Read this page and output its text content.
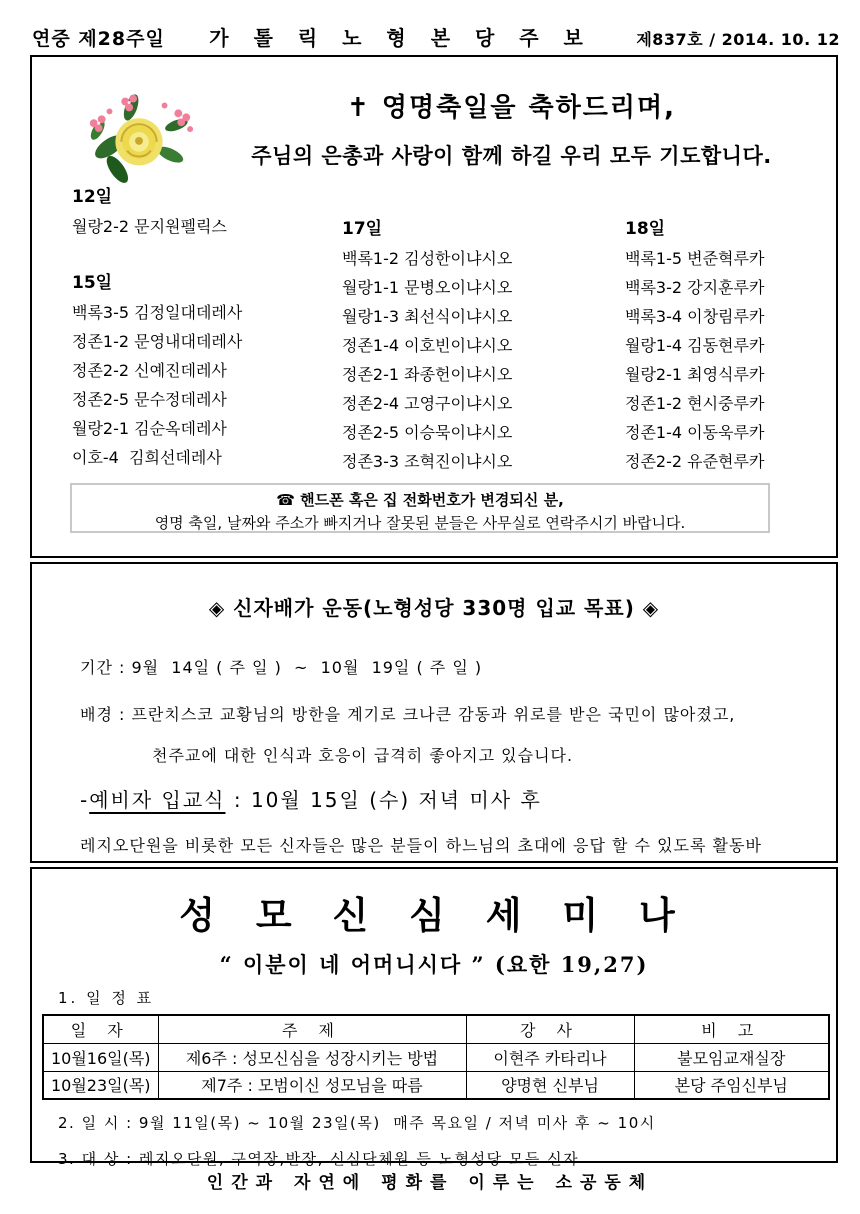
연중 제28주일 가 톨 릭 노 형 본 당 주 보	제837호 / 2014. 10. 12
✝ 영명축일을 축하드리며,
주님의 은총과 사랑이 함께 하길 우리 모두 기도합니다.
12일
월랑2-2 문지원펠릭스
15일
백록3-5 김정일대데레사
정존1-2 문영내대데레사
정존2-2 신예진데레사
정존2-5 문수정데레사
월랑2-1 김순옥데레사
이호-4  김희선데레사
17일
백록1-2 김성한이냐시오
월랑1-1 문병오이냐시오
월랑1-3 최선식이냐시오
정존1-4 이호빈이냐시오
정존2-1 좌종헌이냐시오
정존2-4 고영구이냐시오
정존2-5 이승묵이냐시오
정존3-3 조혁진이냐시오
18일
백록1-5 변준혁루카
백록3-2 강지훈루카
백록3-4 이창림루카
월랑1-4 김동현루카
월랑2-1 최영식루카
정존1-2 현시중루카
정존1-4 이동욱루카
정존2-2 유준현루카
☎ 핸드폰 혹은 집 전화번호가 변경되신 분,
영명 축일, 날짜와 주소가 빠지거나 잘못된 분들은 사무실로 연락주시기 바랍니다.
◈ 신자배가 운동(노형성당 330명 입교 목표) ◈
기간 : 9월  14일 ( 주 일 )  ~  10월  19일 ( 주 일 )
배경 : 프란치스코 교황님의 방한을 계기로 크나큰 감동과 위로를 받은 국민이 많아졌고,
천주교에 대한 인식과 호응이 급격히 좋아지고 있습니다.
-예비자 입교식 : 10월 15일 (수) 저녁 미사 후
레지오단원을 비롯한 모든 신자들은 많은 분들이 하느님의 초대에 응답 할 수 있도록 활동바
성 모 신 심 세 미 나
“ 이분이 네 어머니시다 ” (요한 19,27)
1. 일 정 표
일 자	주 제	강 사	비 고
10월16일(목)	제6주 : 성모신심을 성장시키는 방법	이현주 카타리나	불모임교재실장
10월23일(목)	제7주 : 모범이신 성모님을 따름	양명현 신부님	본당 주임신부님
2. 일 시 : 9월 11일(목) ~ 10월 23일(목)  매주 목요일 / 저녁 미사 후 ~ 10시
3. 대 상 : 레지오단원, 구역장,반장, 신심단체원 등 노형성당 모든 신자
인간과 자연에 평화를 이루는 소공동체
